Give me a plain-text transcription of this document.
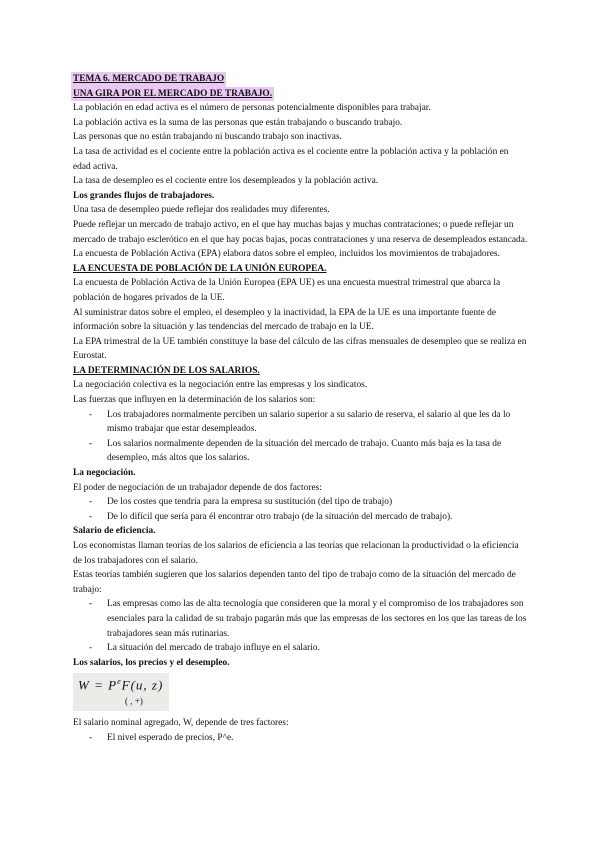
TEMA 6. MERCADO DE TRABAJO

UNA GIRA POR EL MERCADO DE TRABAJO.

La población en edad activa es el número de personas potencialmente disponibles para trabajar.

La población activa es la suma de las personas que están trabajando o buscando trabajo.

Las personas que no están trabajando ni buscando trabajo son inactivas.

La tasa de actividad es el cociente entre la población activa es el cociente entre la población activa y la población en edad activa.

La tasa de desempleo es el cociente entre los desempleados y la población activa.

Los grandes flujos de trabajadores.

Una tasa de desempleo puede reflejar dos realidades muy diferentes.

Puede reflejar un mercado de trabajo activo, en el que hay muchas bajas y muchas contrataciones; o puede reflejar un mercado de trabajo esclerótico en el que hay pocas bajas, pocas contrataciones y una reserva de desempleados estancada.

La encuesta de Población Activa (EPA) elabora datos sobre el empleo, incluidos los movimientos de trabajadores.

LA ENCUESTA DE POBLACIÓN DE LA UNIÓN EUROPEA.

La encuesta de Población Activa de la Unión Europea (EPA UE) es una encuesta muestral trimestral que abarca la población de hogares privados de la UE.

Al suministrar datos sobre el empleo, el desempleo y la inactividad, la EPA de la UE es una importante fuente de información sobre la situación y las tendencias del mercado de trabajo en la UE.

La EPA trimestral de la UE también constituye la base del cálculo de las cifras mensuales de desempleo que se realiza en Eurostat.

LA DETERMINACIÓN DE LOS SALARIOS.

La negociación colectiva es la negociación entre las empresas y los sindicatos.

Las fuerzas que influyen en la determinación de los salarios son:

- Los trabajadores normalmente perciben un salario superior a su salario de reserva, el salario al que les da lo mismo trabajar que estar desempleados.
- Los salarios normalmente dependen de la situación del mercado de trabajo. Cuanto más baja es la tasa de desempleo, más altos que los salarios.

La negociación.

El poder de negociación de un trabajador depende de dos factores:

- De los costes que tendría para la empresa su sustitución (del tipo de trabajo)
- De lo difícil que sería para él encontrar otro trabajo (de la situación del mercado de trabajo).

Salario de eficiencia.

Los economistas llaman teorías de los salarios de eficiencia a las teorías que relacionan la productividad o la eficiencia de los trabajadores con el salario.

Estas teorías también sugieren que los salarios dependen tanto del tipo de trabajo como de la situación del mercado de trabajo:

- Las empresas como las de alta tecnología que consideren que la moral y el compromiso de los trabajadores son esenciales para la calidad de su trabajo pagarán más que las empresas de los sectores en los que las tareas de los trabajadores sean más rutinarias.
- La situación del mercado de trabajo influye en el salario.

Los salarios, los precios y el desempleo.

$W = P^eF(u$, z)
( , +)

El salario nominal agregado, W, depende de tres factores:

- El nivel esperado de precios, P^e.
